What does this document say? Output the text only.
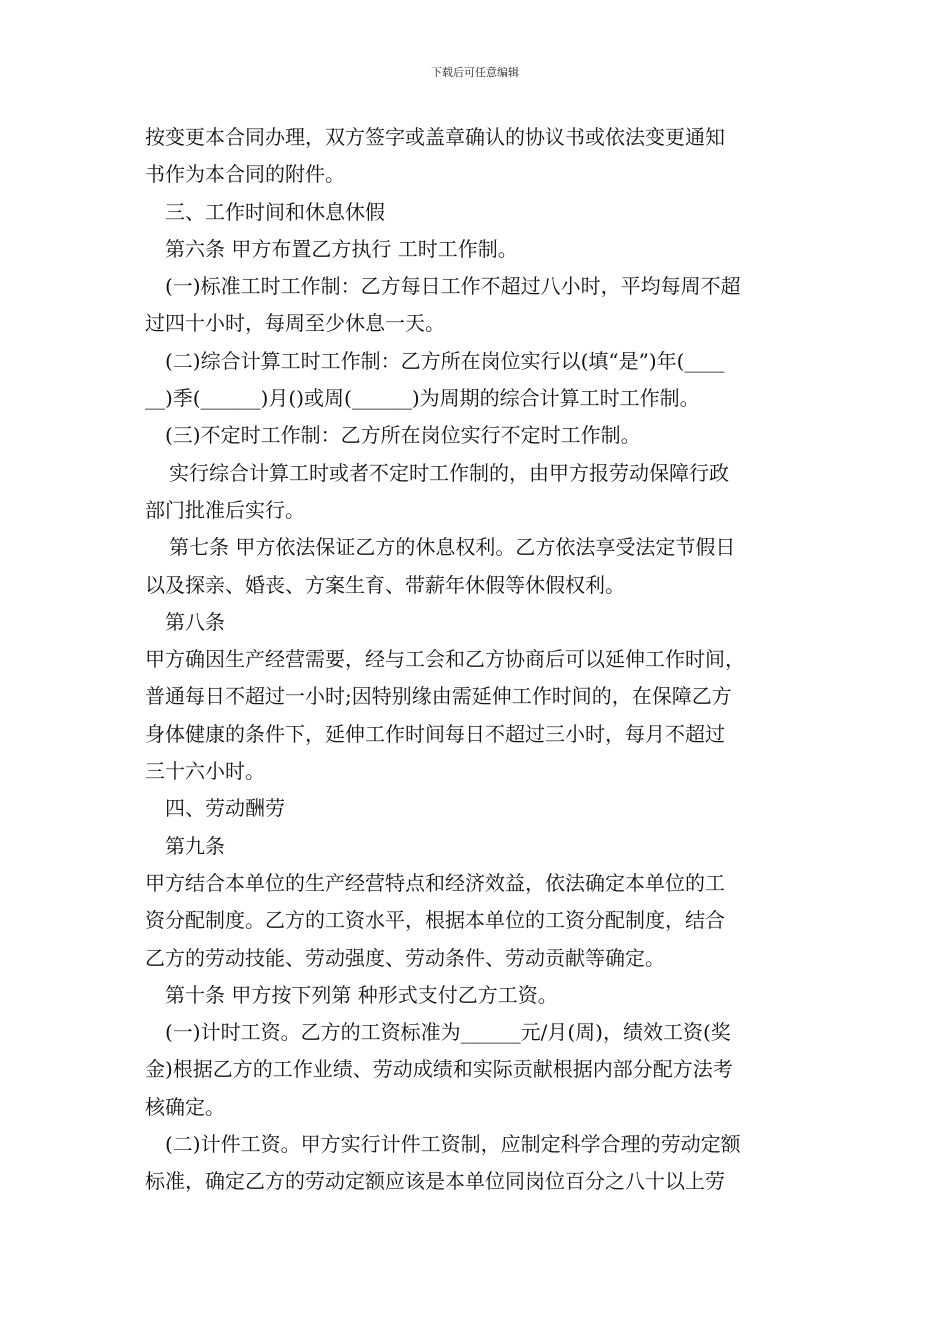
下载后可任意编辑
按变更本合同办理，双方签字或盖章确认的协议书或依法变更通知
书作为本合同的附件。
三、工作时间和休息休假
第六条 甲方布置乙方执行 工时工作制。
(一)标准工时工作制：乙方每日工作不超过八小时，平均每周不超
过四十小时，每周至少休息一天。
(二)综合计算工时工作制：乙方所在岗位实行以(填“是”)年(____
__)季(______)月()或周(______)为周期的综合计算工时工作制。
(三)不定时工作制：乙方所在岗位实行不定时工作制。
实行综合计算工时或者不定时工作制的，由甲方报劳动保障行政
部门批准后实行。
第七条 甲方依法保证乙方的休息权利。乙方依法享受法定节假日
以及探亲、婚丧、方案生育、带薪年休假等休假权利。
第八条
甲方确因生产经营需要，经与工会和乙方协商后可以延伸工作时间，
普通每日不超过一小时;因特别缘由需延伸工作时间的，在保障乙方
身体健康的条件下，延伸工作时间每日不超过三小时，每月不超过
三十六小时。
四、劳动酬劳
第九条
甲方结合本单位的生产经营特点和经济效益，依法确定本单位的工
资分配制度。乙方的工资水平，根据本单位的工资分配制度，结合
乙方的劳动技能、劳动强度、劳动条件、劳动贡献等确定。
第十条 甲方按下列第 种形式支付乙方工资。
(一)计时工资。乙方的工资标准为______元/月(周)，绩效工资(奖
金)根据乙方的工作业绩、劳动成绩和实际贡献根据内部分配方法考
核确定。
(二)计件工资。甲方实行计件工资制，应制定科学合理的劳动定额
标准，确定乙方的劳动定额应该是本单位同岗位百分之八十以上劳
